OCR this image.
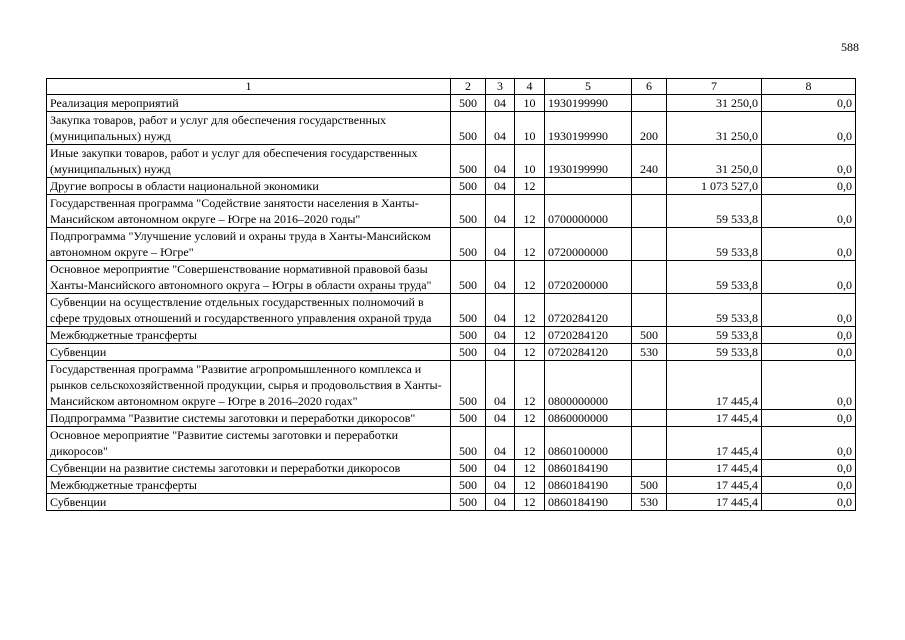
588
1	2	3	4	5	6	7	8
Реализация мероприятий	500	04	10	1930199990		31 250,0	0,0
Закупка товаров, работ и услуг для обеспечения государственных (муниципальных) нужд	500	04	10	1930199990	200	31 250,0	0,0
Иные закупки товаров, работ и услуг для обеспечения государственных (муниципальных) нужд	500	04	10	1930199990	240	31 250,0	0,0
Другие вопросы в области национальной экономики	500	04	12			1 073 527,0	0,0
Государственная программа "Содействие занятости населения в Ханты-Мансийском автономном округе – Югре на 2016–2020 годы"	500	04	12	0700000000		59 533,8	0,0
Подпрограмма "Улучшение условий и охраны труда в Ханты-Мансийском автономном округе – Югре"	500	04	12	0720000000		59 533,8	0,0
Основное мероприятие "Совершенствование нормативной правовой базы Ханты-Мансийского автономного округа – Югры в области охраны труда"	500	04	12	0720200000		59 533,8	0,0
Субвенции на осуществление отдельных государственных полномочий в сфере трудовых отношений и государственного управления охраной труда	500	04	12	0720284120		59 533,8	0,0
Межбюджетные трансферты	500	04	12	0720284120	500	59 533,8	0,0
Субвенции	500	04	12	0720284120	530	59 533,8	0,0
Государственная программа "Развитие агропромышленного комплекса и рынков сельскохозяйственной продукции, сырья и продовольствия в Ханты-Мансийском автономном округе – Югре в 2016–2020 годах"	500	04	12	0800000000		17 445,4	0,0
Подпрограмма "Развитие системы заготовки и переработки дикоросов"	500	04	12	0860000000		17 445,4	0,0
Основное мероприятие "Развитие системы заготовки и переработки дикоросов"	500	04	12	0860100000		17 445,4	0,0
Субвенции на развитие системы заготовки и переработки дикоросов	500	04	12	0860184190		17 445,4	0,0
Межбюджетные трансферты	500	04	12	0860184190	500	17 445,4	0,0
Субвенции	500	04	12	0860184190	530	17 445,4	0,0
